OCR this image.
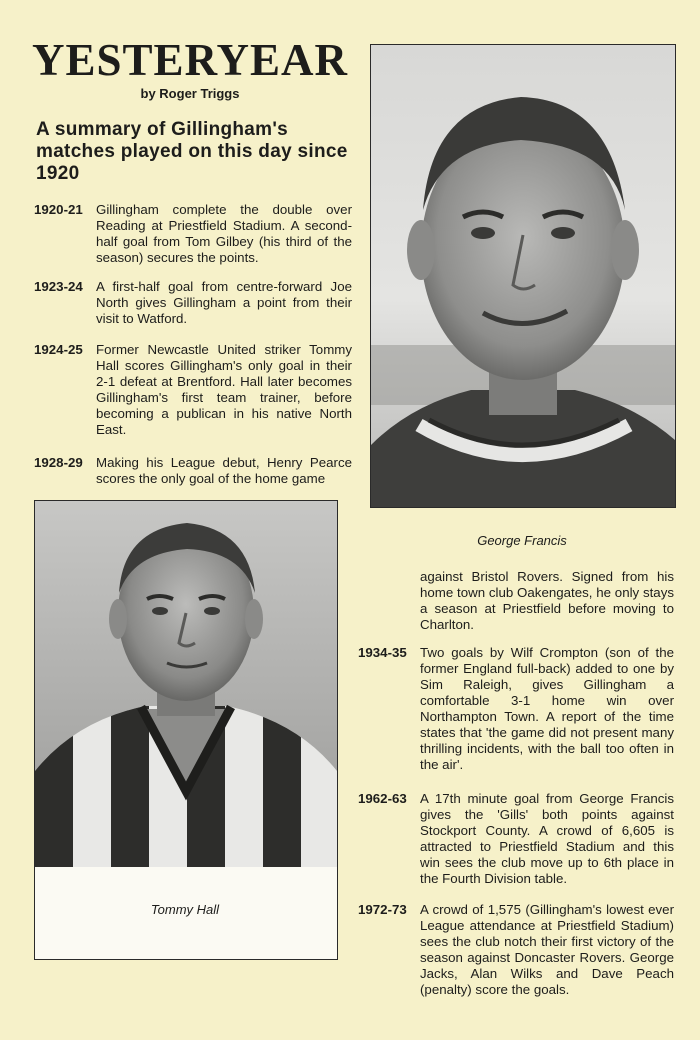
YESTERYEAR
by Roger Triggs
A summary of Gillingham's matches played on this day since 1920
1920-21 Gillingham complete the double over Reading at Priestfield Stadium. A second-half goal from Tom Gilbey (his third of the season) secures the points.
1923-24 A first-half goal from centre-forward Joe North gives Gillingham a point from their visit to Watford.
1924-25 Former Newcastle United striker Tommy Hall scores Gillingham's only goal in their 2-1 defeat at Brentford. Hall later becomes Gillingham's first team trainer, before becoming a publican in his native North East.
1928-29 Making his League debut, Henry Pearce scores the only goal of the home game
George Francis
Tommy Hall
against Bristol Rovers. Signed from his home town club Oakengates, he only stays a season at Priestfield before moving to Charlton.
1934-35 Two goals by Wilf Crompton (son of the former England full-back) added to one by Sim Raleigh, gives Gillingham a comfortable 3-1 home win over Northampton Town. A report of the time states that 'the game did not present many thrilling incidents, with the ball too often in the air'.
1962-63 A 17th minute goal from George Francis gives the 'Gills' both points against Stockport County. A crowd of 6,605 is attracted to Priestfield Stadium and this win sees the club move up to 6th place in the Fourth Division table.
1972-73 A crowd of 1,575 (Gillingham's lowest ever League attendance at Priestfield Stadium) sees the club notch their first victory of the season against Doncaster Rovers. George Jacks, Alan Wilks and Dave Peach (penalty) score the goals.
